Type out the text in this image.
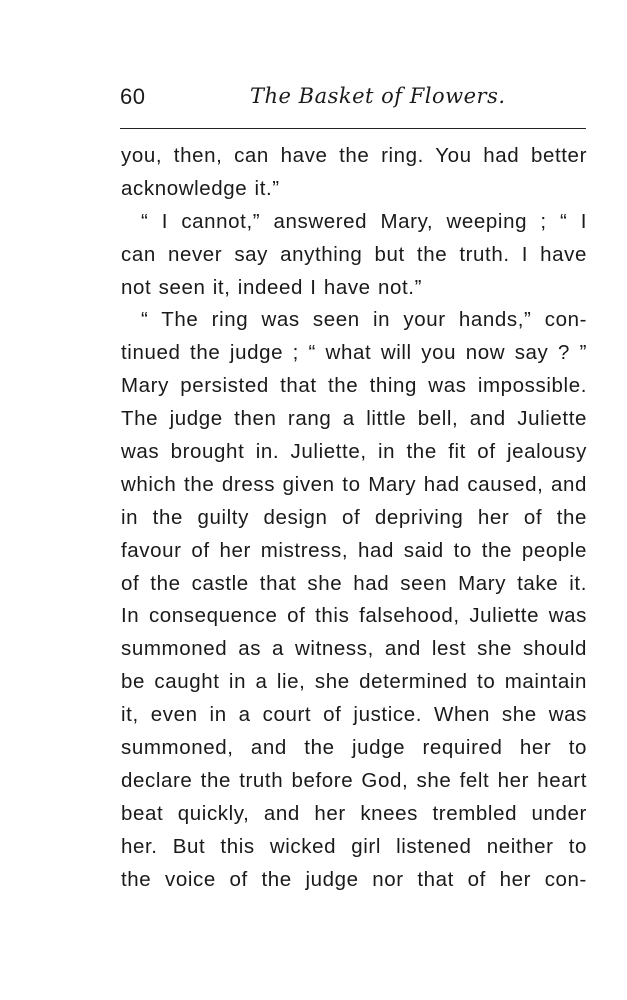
60	The Basket of Flowers.
you, then, can have the ring. You had better
acknowledge it.”
“ I cannot,” answered Mary, weeping ; “ I
can never say anything but the truth. I have
not seen it, indeed I have not.”
“ The ring was seen in your hands,” con-
tinued the judge ; “ what will you now say ? ”
Mary persisted that the thing was impossible.
The judge then rang a little bell, and Juliette
was brought in. Juliette, in the fit of jealousy
which the dress given to Mary had caused, and
in the guilty design of depriving her of the
favour of her mistress, had said to the people
of the castle that she had seen Mary take it.
In consequence of this falsehood, Juliette was
summoned as a witness, and lest she should
be caught in a lie, she determined to maintain
it, even in a court of justice. When she was
summoned, and the judge required her to
declare the truth before God, she felt her heart
beat quickly, and her knees trembled under
her. But this wicked girl listened neither to
the voice of the judge nor that of her con-
